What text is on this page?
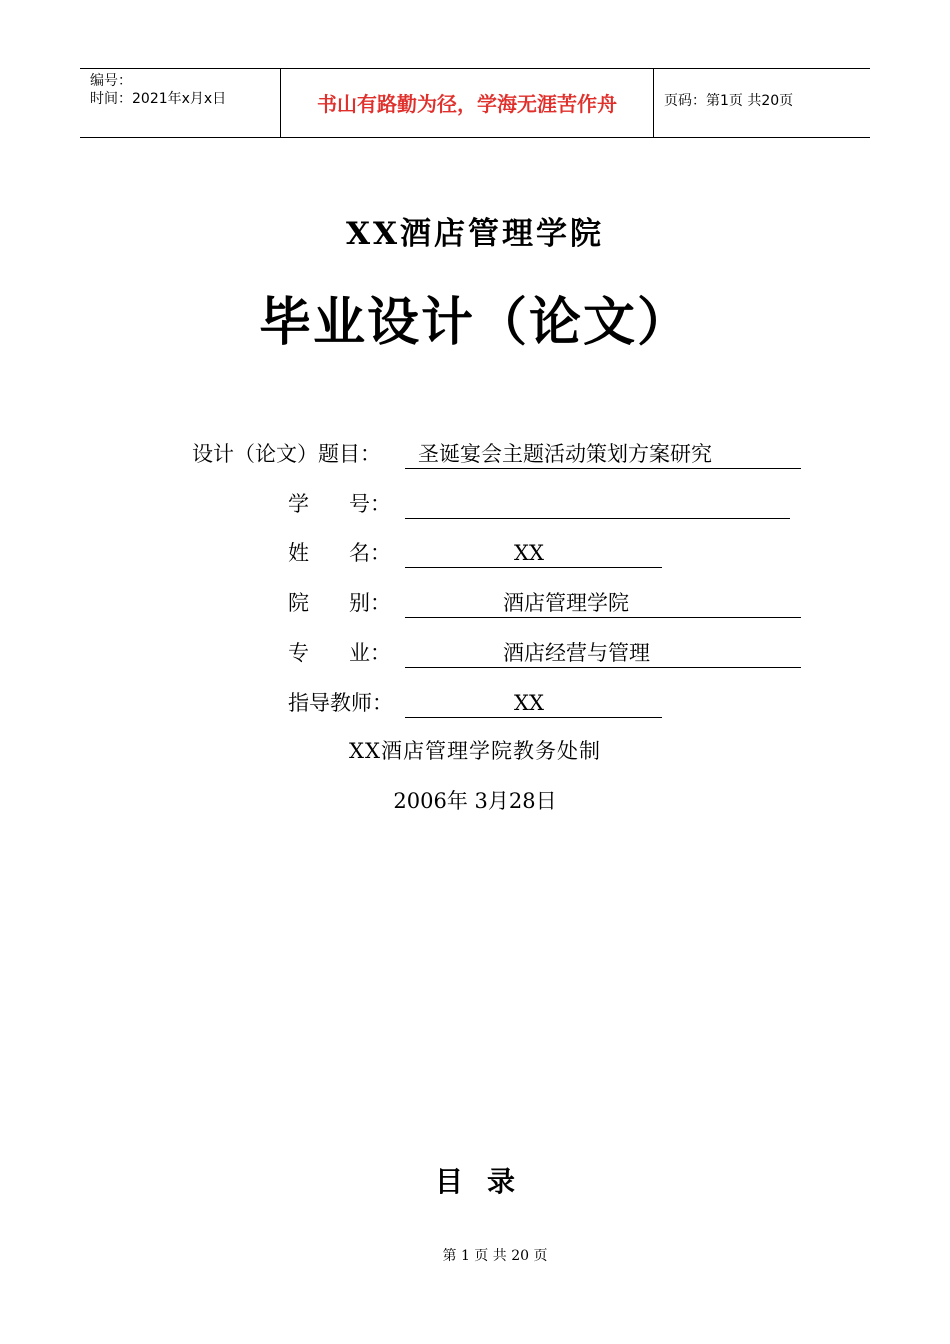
编号：
时间：2021年x月x日	书山有路勤为径，学海无涯苦作舟	页码：第1页 共20页
XX酒店管理学院
毕业设计（论文）
设计（论文）题目： 圣诞宴会主题活动策划方案研究
学      号：
姓      名：	XX
院      别：	酒店管理学院
专      业：	酒店经营与管理
指导教师：	XX
XX酒店管理学院教务处制
2006年 3月28日
目录
第 1 页 共 20 页
